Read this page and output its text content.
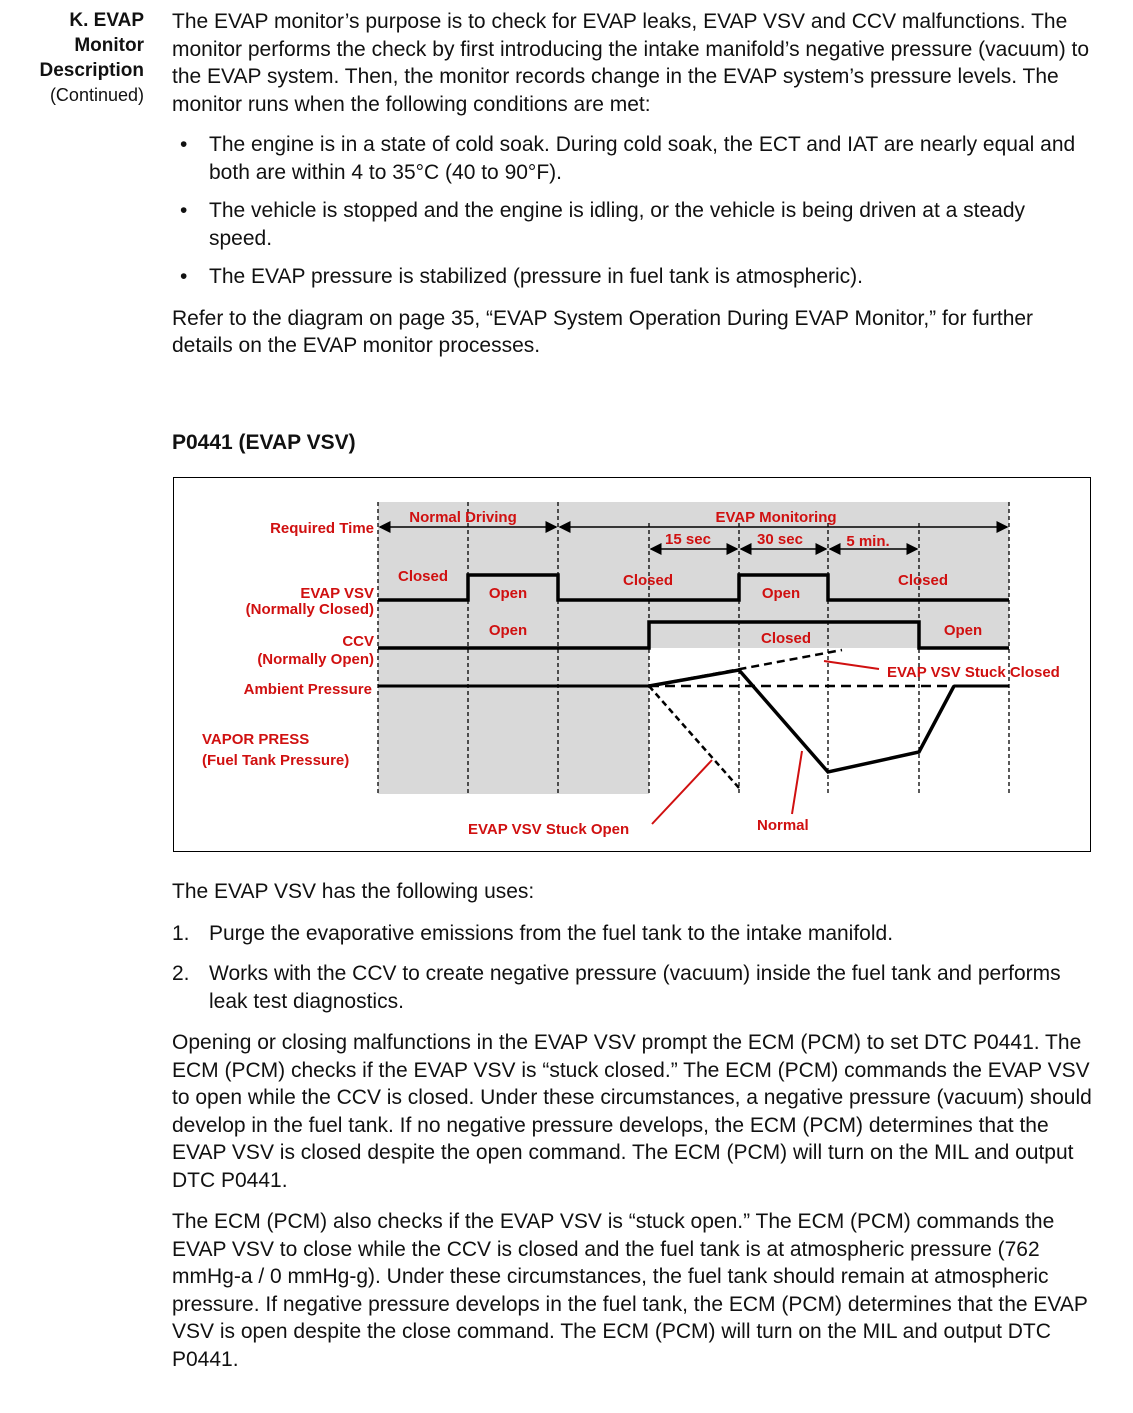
K. EVAP
Monitor
Description
(Continued)

The EVAP monitor’s purpose is to check for EVAP leaks, EVAP VSV and CCV malfunctions. The monitor performs the check by first introducing the intake manifold’s negative pressure (vacuum) to the EVAP system. Then, the monitor records change in the EVAP system’s pressure levels. The monitor runs when the following conditions are met:

• The engine is in a state of cold soak. During cold soak, the ECT and IAT are nearly equal and both are within 4 to 35°C (40 to 90°F).
• The vehicle is stopped and the engine is idling, or the vehicle is being driven at a steady speed.
• The EVAP pressure is stabilized (pressure in fuel tank is atmospheric).

Refer to the diagram on page 35, “EVAP System Operation During EVAP Monitor,” for further details on the EVAP monitor processes.

P0441 (EVAP VSV)
Required Time
EVAP VSV
(Normally Closed)
CCV
(Normally Open)
Ambient Pressure
VAPOR PRESS
(Fuel Tank Pressure)
Normal Driving	EVAP Monitoring
15 sec	30 sec	5 min.
Closed
Open
Closed
Open
Closed
Open	Closed	Open
EVAP VSV Stuck Closed
EVAP VSV Stuck Open	Normal

The EVAP VSV has the following uses:

1. Purge the evaporative emissions from the fuel tank to the intake manifold.
2. Works with the CCV to create negative pressure (vacuum) inside the fuel tank and performs leak test diagnostics.

Opening or closing malfunctions in the EVAP VSV prompt the ECM (PCM) to set DTC P0441. The ECM (PCM) checks if the EVAP VSV is “stuck closed.” The ECM (PCM) commands the EVAP VSV to open while the CCV is closed. Under these circumstances, a negative pressure (vacuum) should develop in the fuel tank. If no negative pressure develops, the ECM (PCM) determines that the EVAP VSV is closed despite the open command. The ECM (PCM) will turn on the MIL and output DTC P0441.

The ECM (PCM) also checks if the EVAP VSV is “stuck open.” The ECM (PCM) commands the EVAP VSV to close while the CCV is closed and the fuel tank is at atmospheric pressure (762 mmHg-a / 0 mmHg-g). Under these circumstances, the fuel tank should remain at atmospheric pressure. If negative pressure develops in the fuel tank, the ECM (PCM) determines that the EVAP VSV is open despite the close command. The ECM (PCM) will turn on the MIL and output DTC P0441.
